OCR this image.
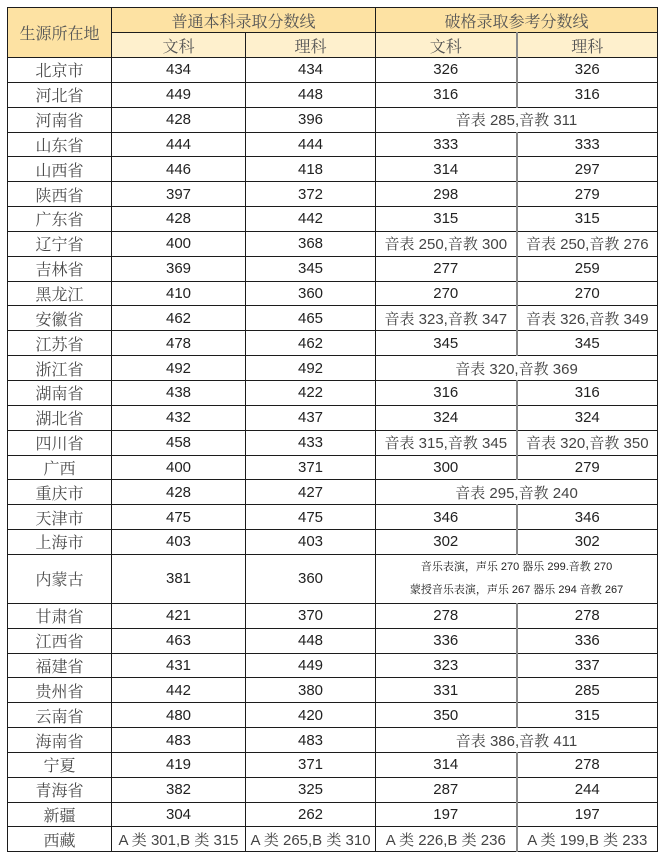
生源所在地	普通本科录取分数线		破格录取参考分数线	
	文科	理科	文科	理科
北京市	434	434	326	326
河北省	449	448	316	316
河南省	428	396	音表 285,音教 311	
山东省	444	444	333	333
山西省	446	418	314	297
陕西省	397	372	298	279
广东省	428	442	315	315
辽宁省	400	368	音表 250,音教 300	音表 250,音教 276
吉林省	369	345	277	259
黑龙江	410	360	270	270
安徽省	462	465	音表 323,音教 347	音表 326,音教 349
江苏省	478	462	345	345
浙江省	492	492	音表 320,音教 369	
湖南省	438	422	316	316
湖北省	432	437	324	324
四川省	458	433	音表 315,音教 345	音表 320,音教 350
广西	400	371	300	279
重庆市	428	427	音表 295,音教 240	
天津市	475	475	346	346
上海市	403	403	302	302
内蒙古	381	360	音乐表演，声乐 270 器乐 299.音教 270
蒙授音乐表演，声乐 267 器乐 294 音教 267	

甘肃省	421	370	278	278
江西省	463	448	336	336
福建省	431	449	323	337
贵州省	442	380	331	285
云南省	480	420	350	315
海南省	483	483	音表 386,音教 411	
宁夏	419	371	314	278
青海省	382	325	287	244
新疆	304	262	197	197
西藏	A 类 301,B 类 315	A 类 265,B 类 310	A 类 226,B 类 236	A 类 199,B 类 233
